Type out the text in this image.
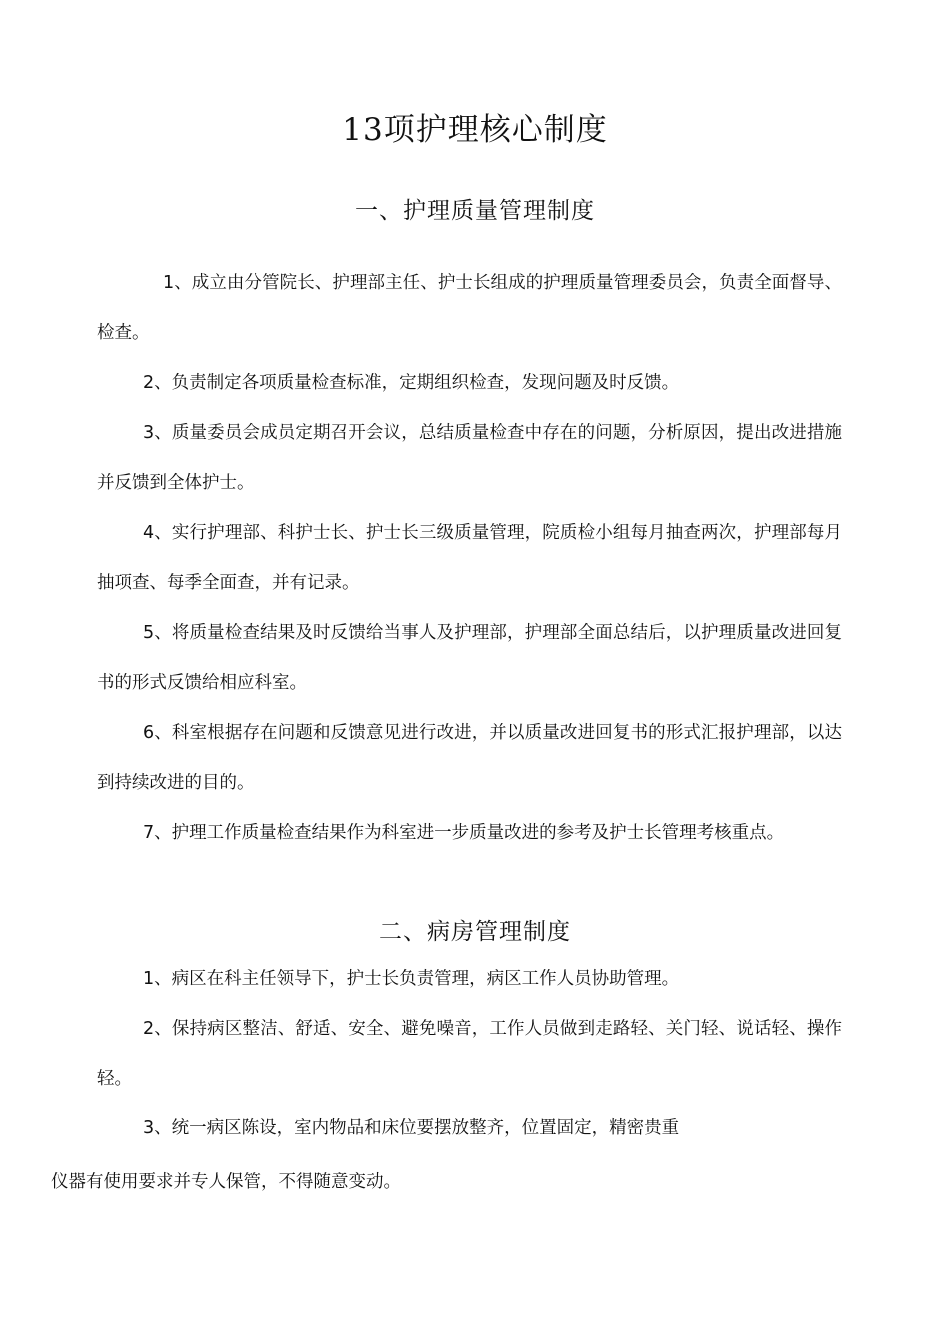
13项护理核心制度
一、护理质量管理制度

1、成立由分管院长、护理部主任、护士长组成的护理质量管理委员会，负责全面督导、检查。

2、负责制定各项质量检查标准，定期组织检查，发现问题及时反馈。

3、质量委员会成员定期召开会议，总结质量检查中存在的问题，分析原因，提出改进措施并反馈到全体护士。

4、实行护理部、科护士长、护士长三级质量管理，院质检小组每月抽查两次，护理部每月抽项查、每季全面查，并有记录。

5、将质量检查结果及时反馈给当事人及护理部，护理部全面总结后，以护理质量改进回复书的形式反馈给相应科室。

6、科室根据存在问题和反馈意见进行改进，并以质量改进回复书的形式汇报护理部，以达到持续改进的目的。

7、护理工作质量检查结果作为科室进一步质量改进的参考及护士长管理考核重点。

二、病房管理制度

1、病区在科主任领导下，护士长负责管理，病区工作人员协助管理。

2、保持病区整洁、舒适、安全、避免噪音，工作人员做到走路轻、关门轻、说话轻、操作轻。

3、统一病区陈设，室内物品和床位要摆放整齐，位置固定，精密贵重
仪器有使用要求并专人保管，不得随意变动。
